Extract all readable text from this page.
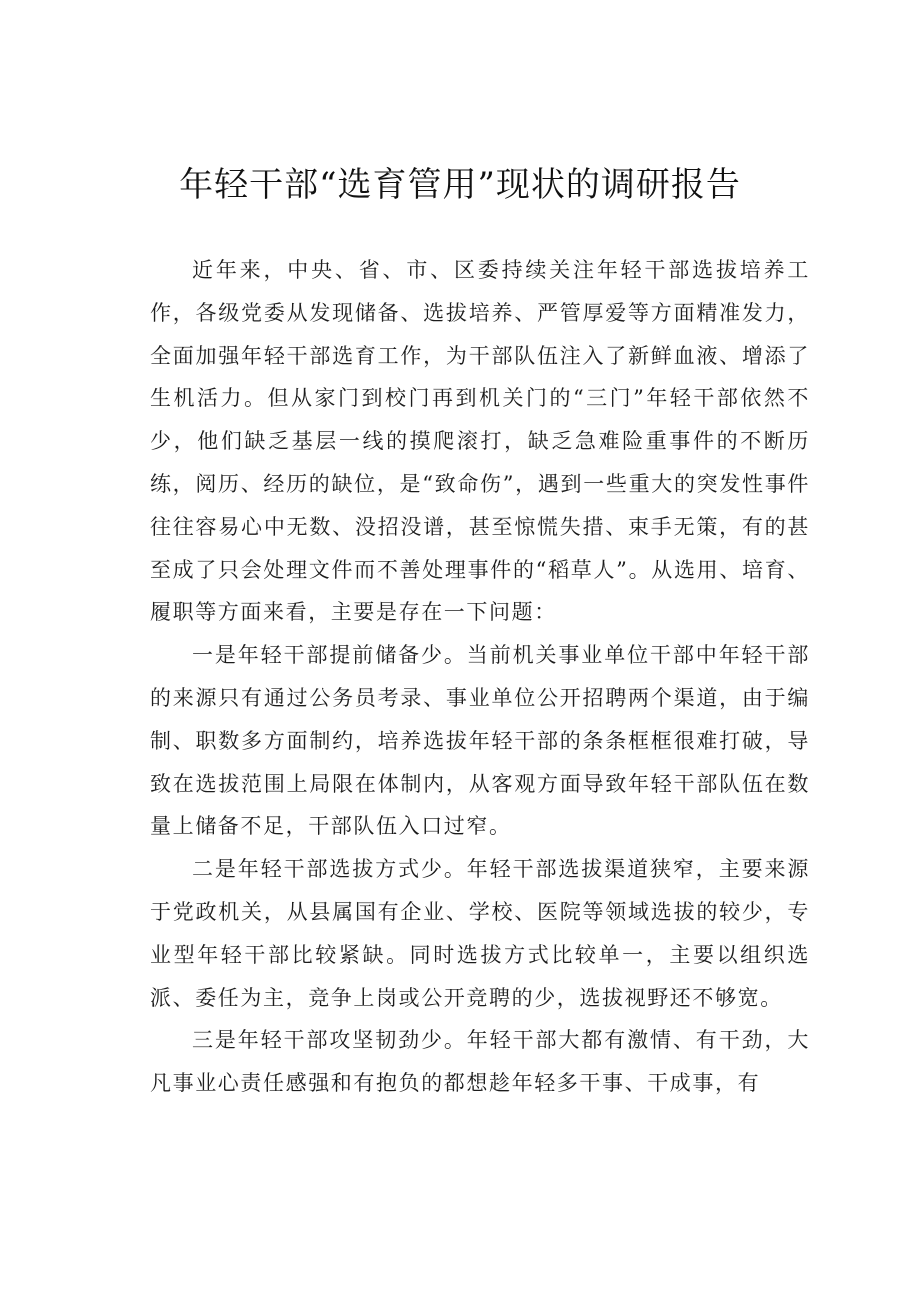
年轻干部“选育管用”现状的调研报告

近年来，中央、省、市、区委持续关注年轻干部选拔培养工作，各级党委从发现储备、选拔培养、严管厚爱等方面精准发力，全面加强年轻干部选育工作，为干部队伍注入了新鲜血液、增添了生机活力。但从家门到校门再到机关门的“三门”年轻干部依然不少，他们缺乏基层一线的摸爬滚打，缺乏急难险重事件的不断历练，阅历、经历的缺位，是“致命伤”，遇到一些重大的突发性事件往往容易心中无数、没招没谱，甚至惊慌失措、束手无策，有的甚至成了只会处理文件而不善处理事件的“稻草人”。从选用、培育、履职等方面来看，主要是存在一下问题：

一是年轻干部提前储备少。当前机关事业单位干部中年轻干部的来源只有通过公务员考录、事业单位公开招聘两个渠道，由于编制、职数多方面制约，培养选拔年轻干部的条条框框很难打破，导致在选拔范围上局限在体制内，从客观方面导致年轻干部队伍在数量上储备不足，干部队伍入口过窄。

二是年轻干部选拔方式少。年轻干部选拔渠道狭窄，主要来源于党政机关，从县属国有企业、学校、医院等领域选拔的较少，专业型年轻干部比较紧缺。同时选拔方式比较单一，主要以组织选派、委任为主，竞争上岗或公开竞聘的少，选拔视野还不够宽。

三是年轻干部攻坚韧劲少。年轻干部大都有激情、有干劲，大凡事业心责任感强和有抱负的都想趁年轻多干事、干成事，有
